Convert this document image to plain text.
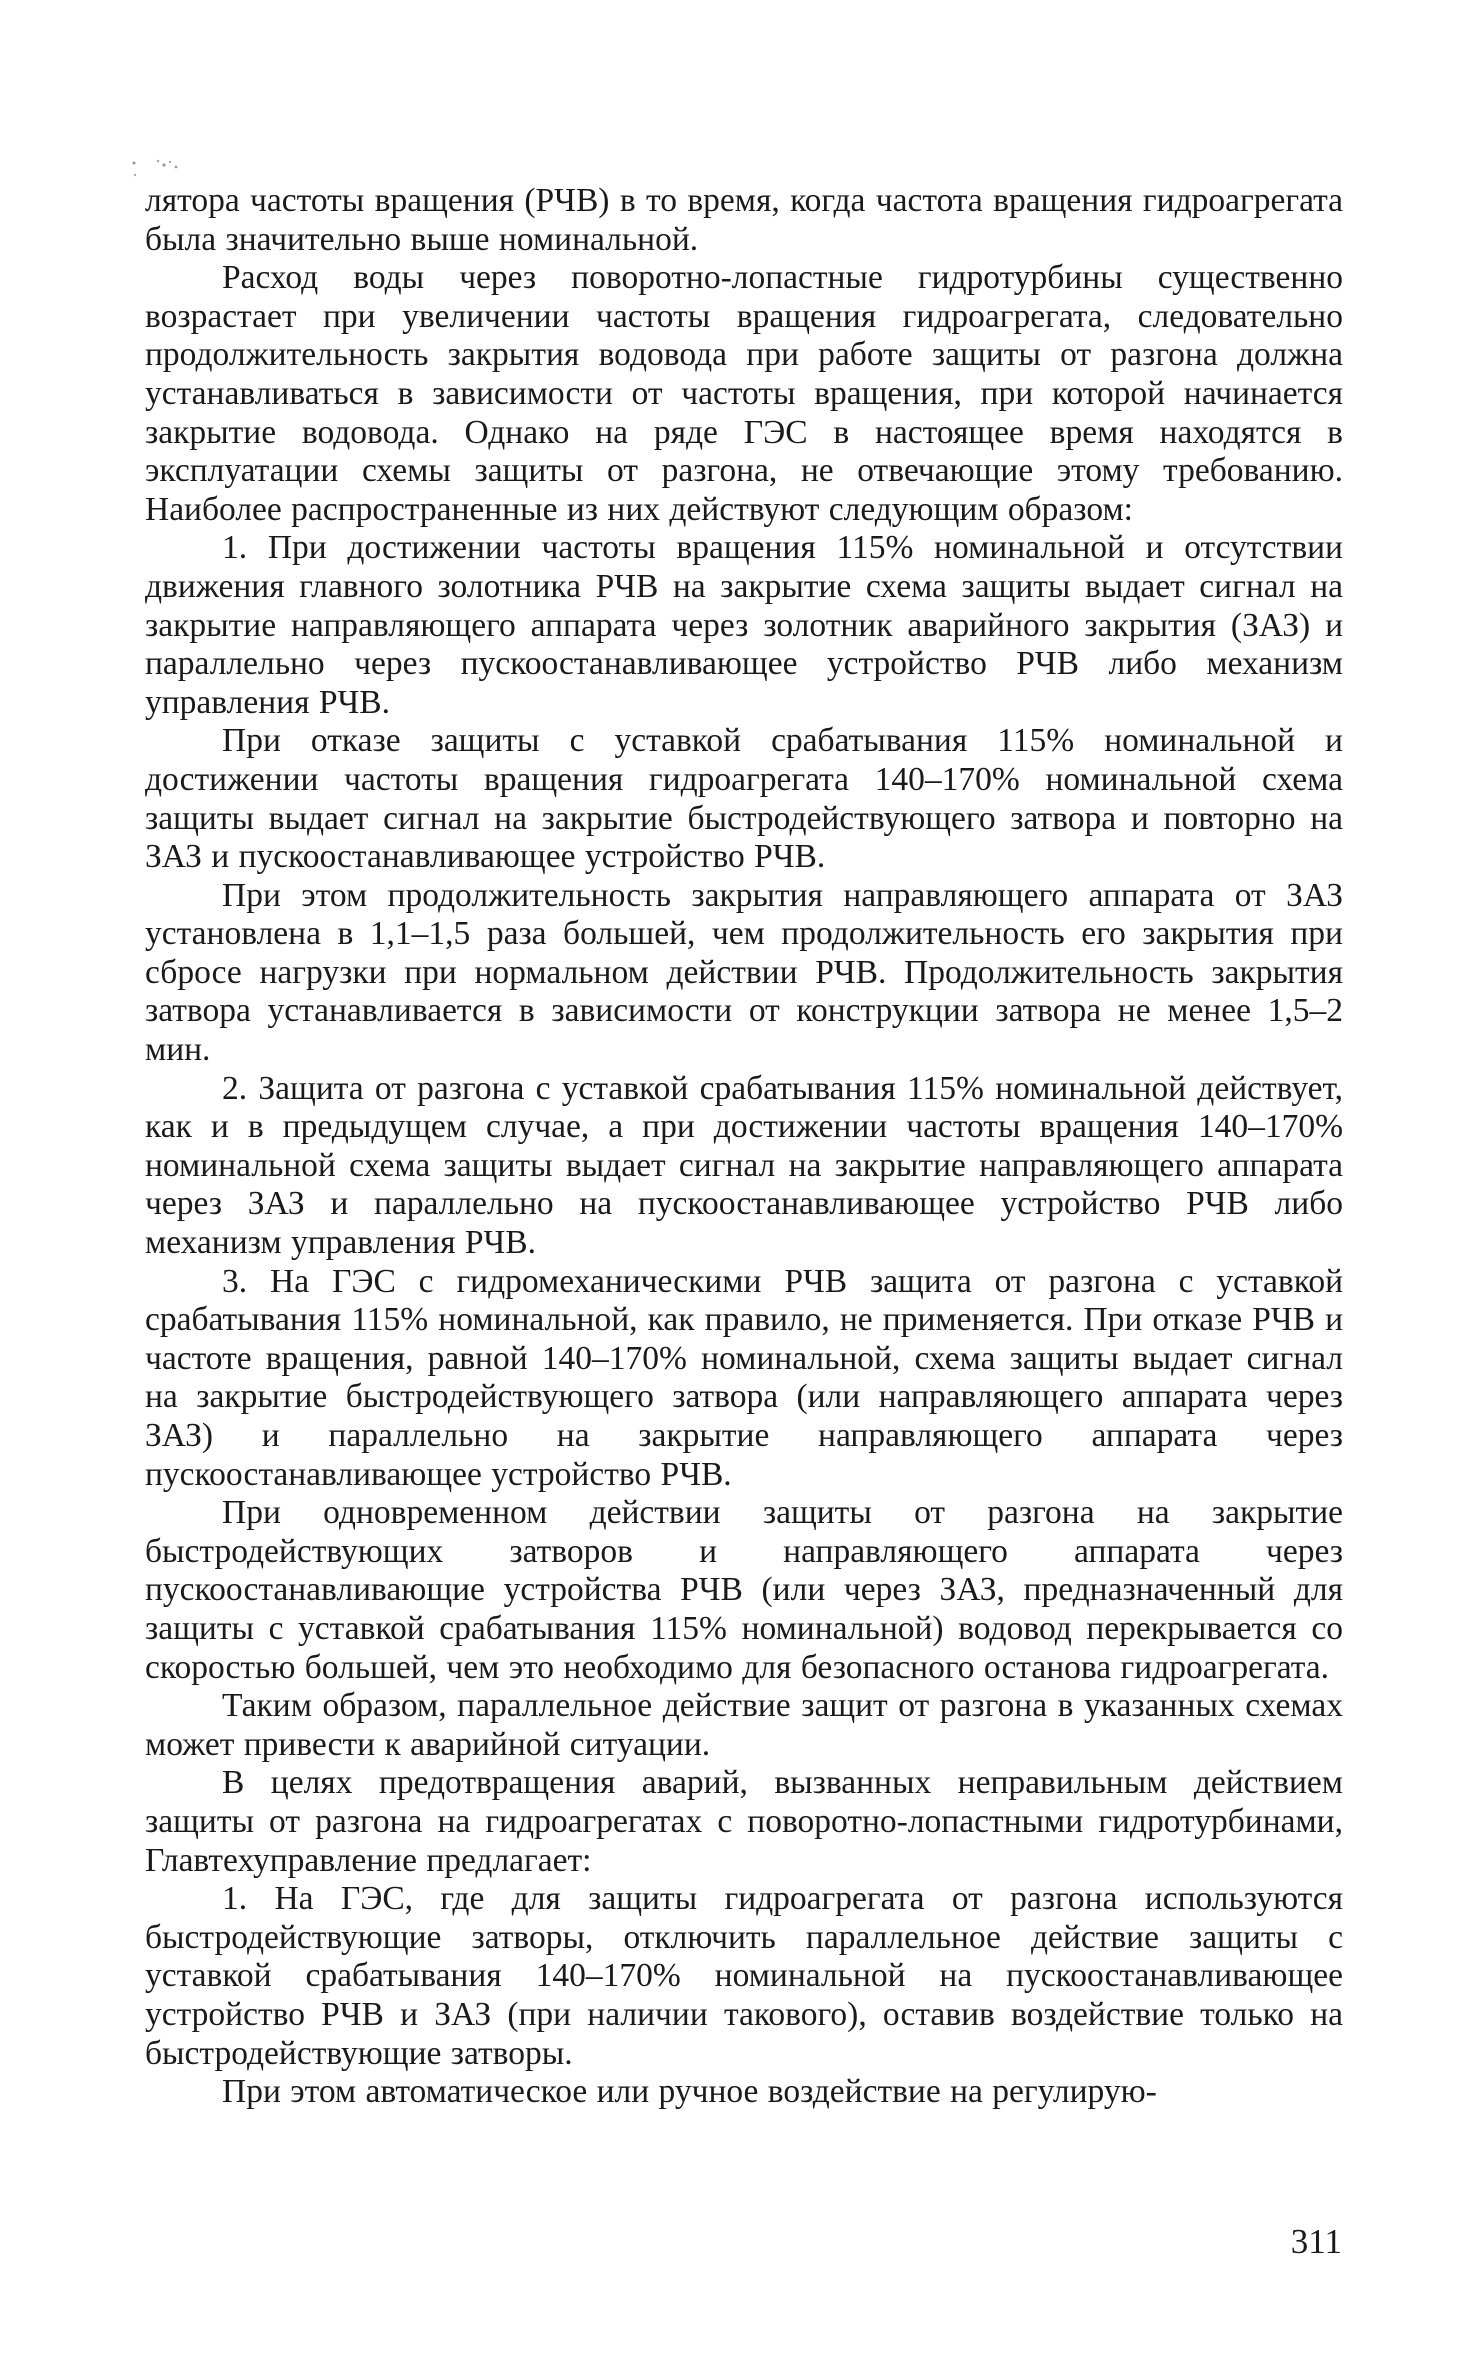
лятора частоты вращения (РЧВ) в то время, когда частота вращения гидроагрегата была значительно выше номинальной.

Расход воды через поворотно-лопастные гидротурбины существенно возрастает при увеличении частоты вращения гидроагрегата, следовательно продолжительность закрытия водовода при работе защиты от разгона должна устанавливаться в зависимости от частоты вращения, при которой начинается закрытие водовода. Однако на ряде ГЭС в настоящее время находятся в эксплуатации схемы защиты от разгона, не отвечающие этому требованию. Наиболее распространенные из них действуют следующим образом:

1. При достижении частоты вращения 115% номинальной и отсутствии движения главного золотника РЧВ на закрытие схема защиты выдает сигнал на закрытие направляющего аппарата через золотник аварийного закрытия (ЗАЗ) и параллельно через пускоостанавливающее устройство РЧВ либо механизм управления РЧВ.

При отказе защиты с уставкой срабатывания 115% номинальной и достижении частоты вращения гидроагрегата 140–170% номинальной схема защиты выдает сигнал на закрытие быстродействующего затвора и повторно на ЗАЗ и пускоостанавливающее устройство РЧВ.

При этом продолжительность закрытия направляющего аппарата от ЗАЗ установлена в 1,1–1,5 раза большей, чем продолжительность его закрытия при сбросе нагрузки при нормальном действии РЧВ. Продолжительность закрытия затвора устанавливается в зависимости от конструкции затвора не менее 1,5–2 мин.

2. Защита от разгона с уставкой срабатывания 115% номинальной действует, как и в предыдущем случае, а при достижении частоты вращения 140–170% номинальной схема защиты выдает сигнал на закрытие направляющего аппарата через ЗАЗ и параллельно на пускоостанавливающее устройство РЧВ либо механизм управления РЧВ.

3. На ГЭС с гидромеханическими РЧВ защита от разгона с уставкой срабатывания 115% номинальной, как правило, не применяется. При отказе РЧВ и частоте вращения, равной 140–170% номинальной, схема защиты выдает сигнал на закрытие быстродействующего затвора (или направляющего аппарата через ЗАЗ) и параллельно на закрытие направляющего аппарата через пускоостанавливающее устройство РЧВ.

При одновременном действии защиты от разгона на закрытие быстродействующих затворов и направляющего аппарата через пускоостанавливающие устройства РЧВ (или через ЗАЗ, предназначенный для защиты с уставкой срабатывания 115% номинальной) водовод перекрывается со скоростью большей, чем это необходимо для безопасного останова гидроагрегата.

Таким образом, параллельное действие защит от разгона в указанных схемах может привести к аварийной ситуации.

В целях предотвращения аварий, вызванных неправильным действием защиты от разгона на гидроагрегатах с поворотно-лопастными гидротурбинами, Главтехуправление предлагает:

1. На ГЭС, где для защиты гидроагрегата от разгона используются быстродействующие затворы, отключить параллельное действие защиты с уставкой срабатывания 140–170% номинальной на пускоостанавливающее устройство РЧВ и ЗАЗ (при наличии такового), оставив воздействие только на быстродействующие затворы.

При этом автоматическое или ручное воздействие на регулирую-

311
